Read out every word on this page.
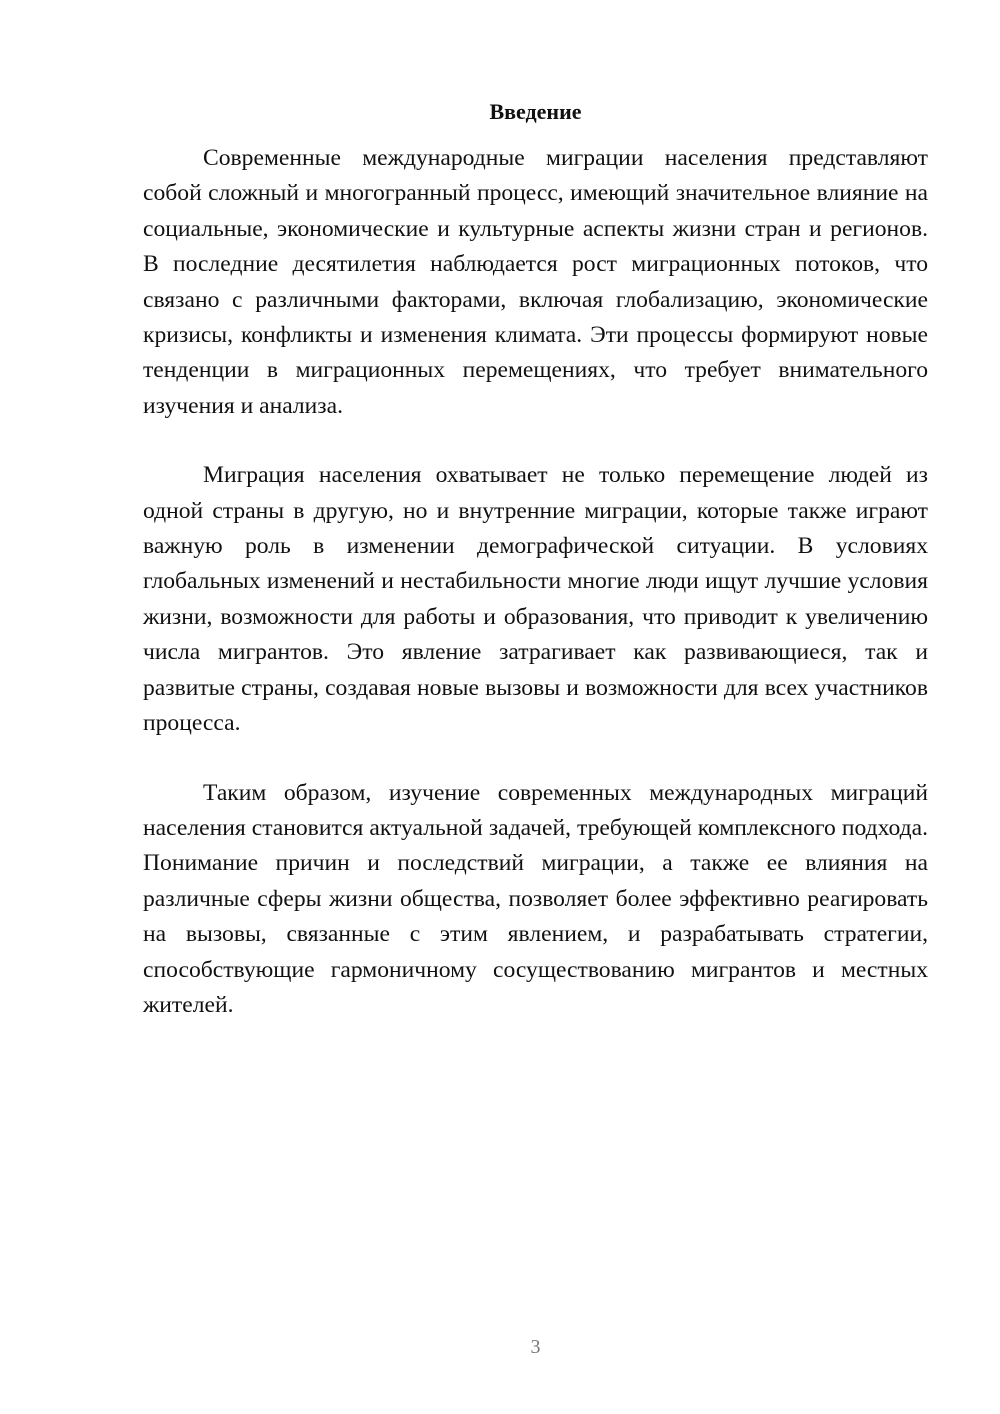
Введение

Современные международные миграции населения представляют собой сложный и многогранный процесс, имеющий значительное влияние на социальные, экономические и культурные аспекты жизни стран и регионов. В последние десятилетия наблюдается рост миграционных потоков, что связано с различными факторами, включая глобализацию, экономические кризисы, конфликты и изменения климата. Эти процессы формируют новые тенденции в миграционных перемещениях, что требует внимательного изучения и анализа.

Миграция населения охватывает не только перемещение людей из одной страны в другую, но и внутренние миграции, которые также играют важную роль в изменении демографической ситуации. В условиях глобальных изменений и нестабильности многие люди ищут лучшие условия жизни, возможности для работы и образования, что приводит к увеличению числа мигрантов. Это явление затрагивает как развивающиеся, так и развитые страны, создавая новые вызовы и возможности для всех участников процесса.

Таким образом, изучение современных международных миграций населения становится актуальной задачей, требующей комплексного подхода. Понимание причин и последствий миграции, а также ее влияния на различные сферы жизни общества, позволяет более эффективно реагировать на вызовы, связанные с этим явлением, и разрабатывать стратегии, способствующие гармоничному сосуществованию мигрантов и местных жителей.

3
